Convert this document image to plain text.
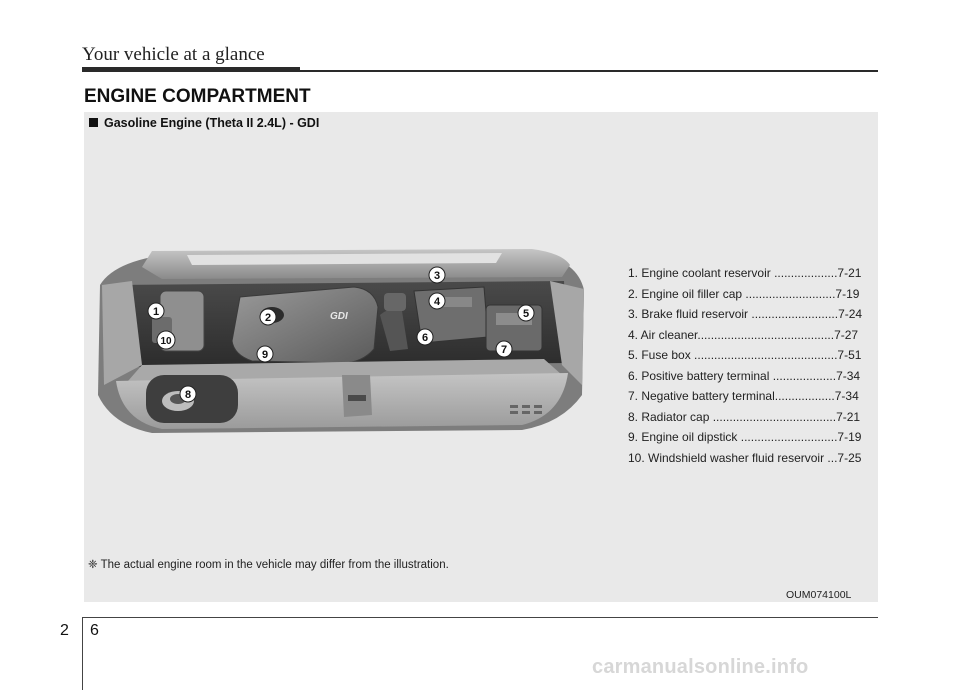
Your vehicle at a glance
ENGINE COMPARTMENT
Gasoline Engine (Theta II 2.4L) - GDI
GDI
1	2
3
4
5
6
7
8
9
10
1. Engine coolant reservoir ...................7-21
2. Engine oil filler cap ...........................7-19
3. Brake fluid reservoir ..........................7-24
4. Air cleaner.........................................7-27
5. Fuse box ...........................................7-51
6. Positive battery terminal ...................7-34
7. Negative battery terminal..................7-34
8. Radiator cap .....................................7-21
9. Engine oil dipstick .............................7-19
10. Windshield washer fluid reservoir ...7-25
❈ The actual engine room in the vehicle may differ from the illustration.
OUM074100L
2 6
carmanualsonline.info
